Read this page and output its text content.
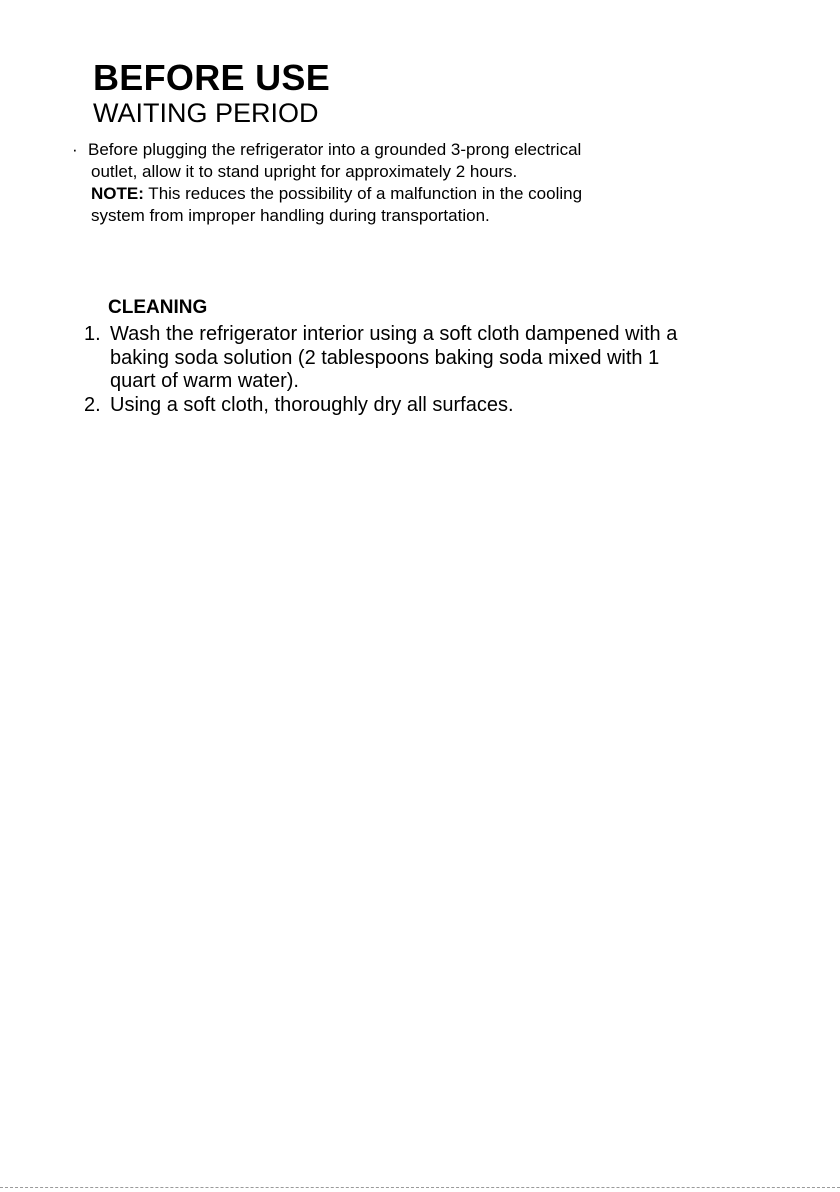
BEFORE USE
WAITING PERIOD
· Before plugging the refrigerator into a grounded 3-prong electrical
outlet, allow it to stand upright for approximately 2 hours.
NOTE: This reduces the possibility of a malfunction in the cooling
system from improper handling during transportation.
CLEANING
1. Wash the refrigerator interior using a soft cloth dampened with a
baking soda solution (2 tablespoons baking soda mixed with 1
quart of warm water).
2. Using a soft cloth, thoroughly dry all surfaces.
